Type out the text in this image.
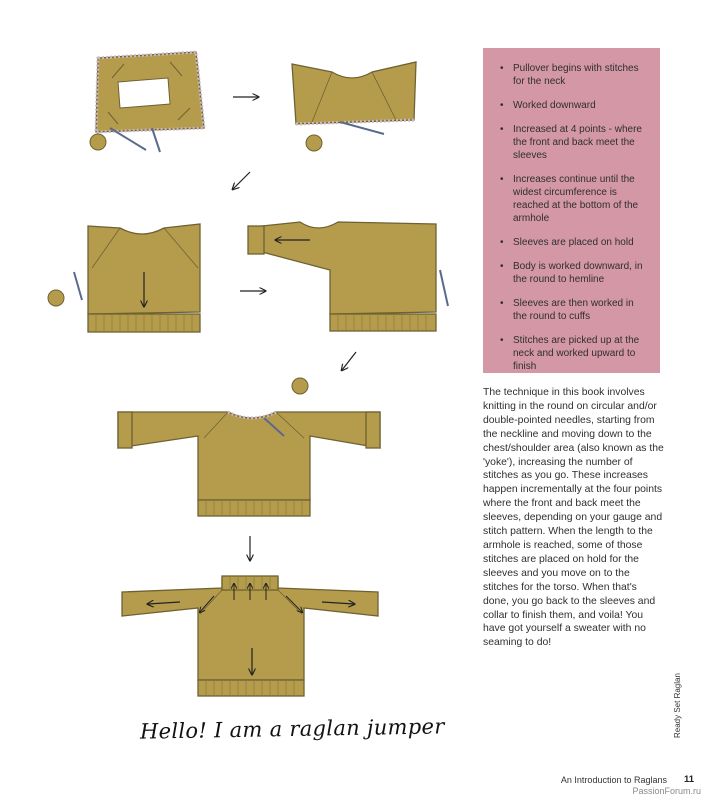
• Pullover begins with stitches for the neck
• Worked downward
• Increased at 4 points - where the front and back meet the sleeves
• Increases continue until the widest circumference is reached at the bottom of the armhole
• Sleeves are placed on hold
• Body is worked downward, in the round to hemline
• Sleeves are then worked in the round to cuffs
• Stitches are picked up at the neck and worked upward to finish

The technique in this book involves knitting in the round on circular and/or double-pointed needles, starting from the neckline and moving down to the chest/shoulder area (also known as the 'yoke'), increasing the number of stitches as you go. These increases happen incrementally at the four points where the front and back meet the sleeves, depending on your gauge and stitch pattern. When the length to the armhole is reached, some of those stitches are placed on hold for the sleeves and you move on to the stitches for the torso. When that's done, you go back to the sleeves and collar to finish them, and voila! You have got yourself a sweater with no seaming to do!

Hello! I am a raglan jumper	Ready Set Raglan

An Introduction to Raglans 11

PassionForum.ru
